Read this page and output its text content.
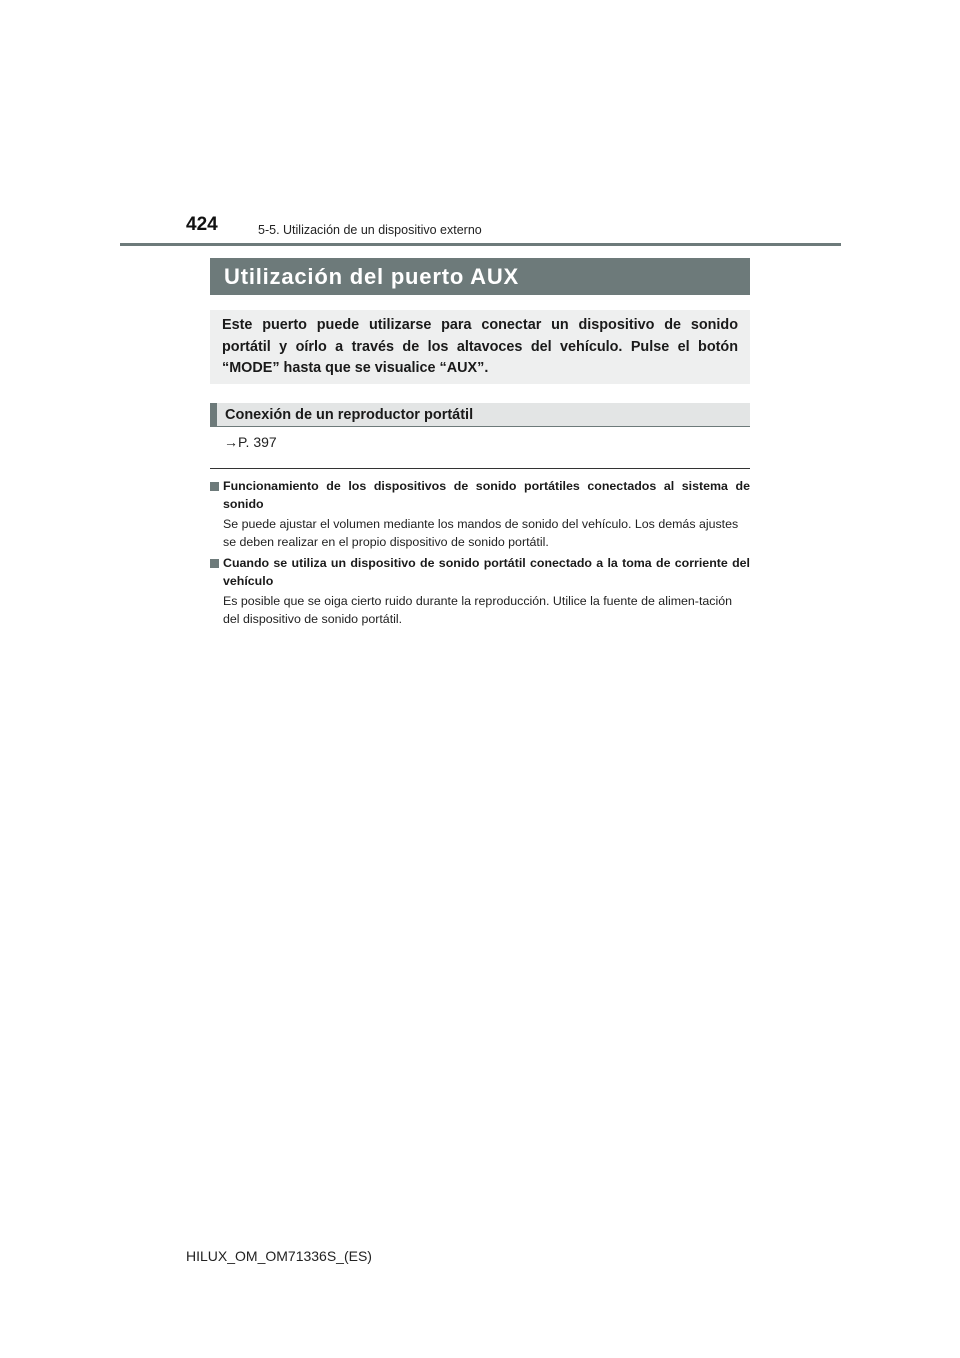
424	5-5. Utilización de un dispositivo externo
Utilización del puerto AUX
Este puerto puede utilizarse para conectar un dispositivo de sonido portátil y oírlo a través de los altavoces del vehículo. Pulse el botón “MODE” hasta que se visualice “AUX”.
Conexión de un reproductor portátil
→P. 397
Funcionamiento de los dispositivos de sonido portátiles conectados al sistema de sonido
Se puede ajustar el volumen mediante los mandos de sonido del vehículo. Los demás ajustes se deben realizar en el propio dispositivo de sonido portátil.
Cuando se utiliza un dispositivo de sonido portátil conectado a la toma de corriente del vehículo
Es posible que se oiga cierto ruido durante la reproducción. Utilice la fuente de alimen-tación del dispositivo de sonido portátil.
HILUX_OM_OM71336S_(ES)
